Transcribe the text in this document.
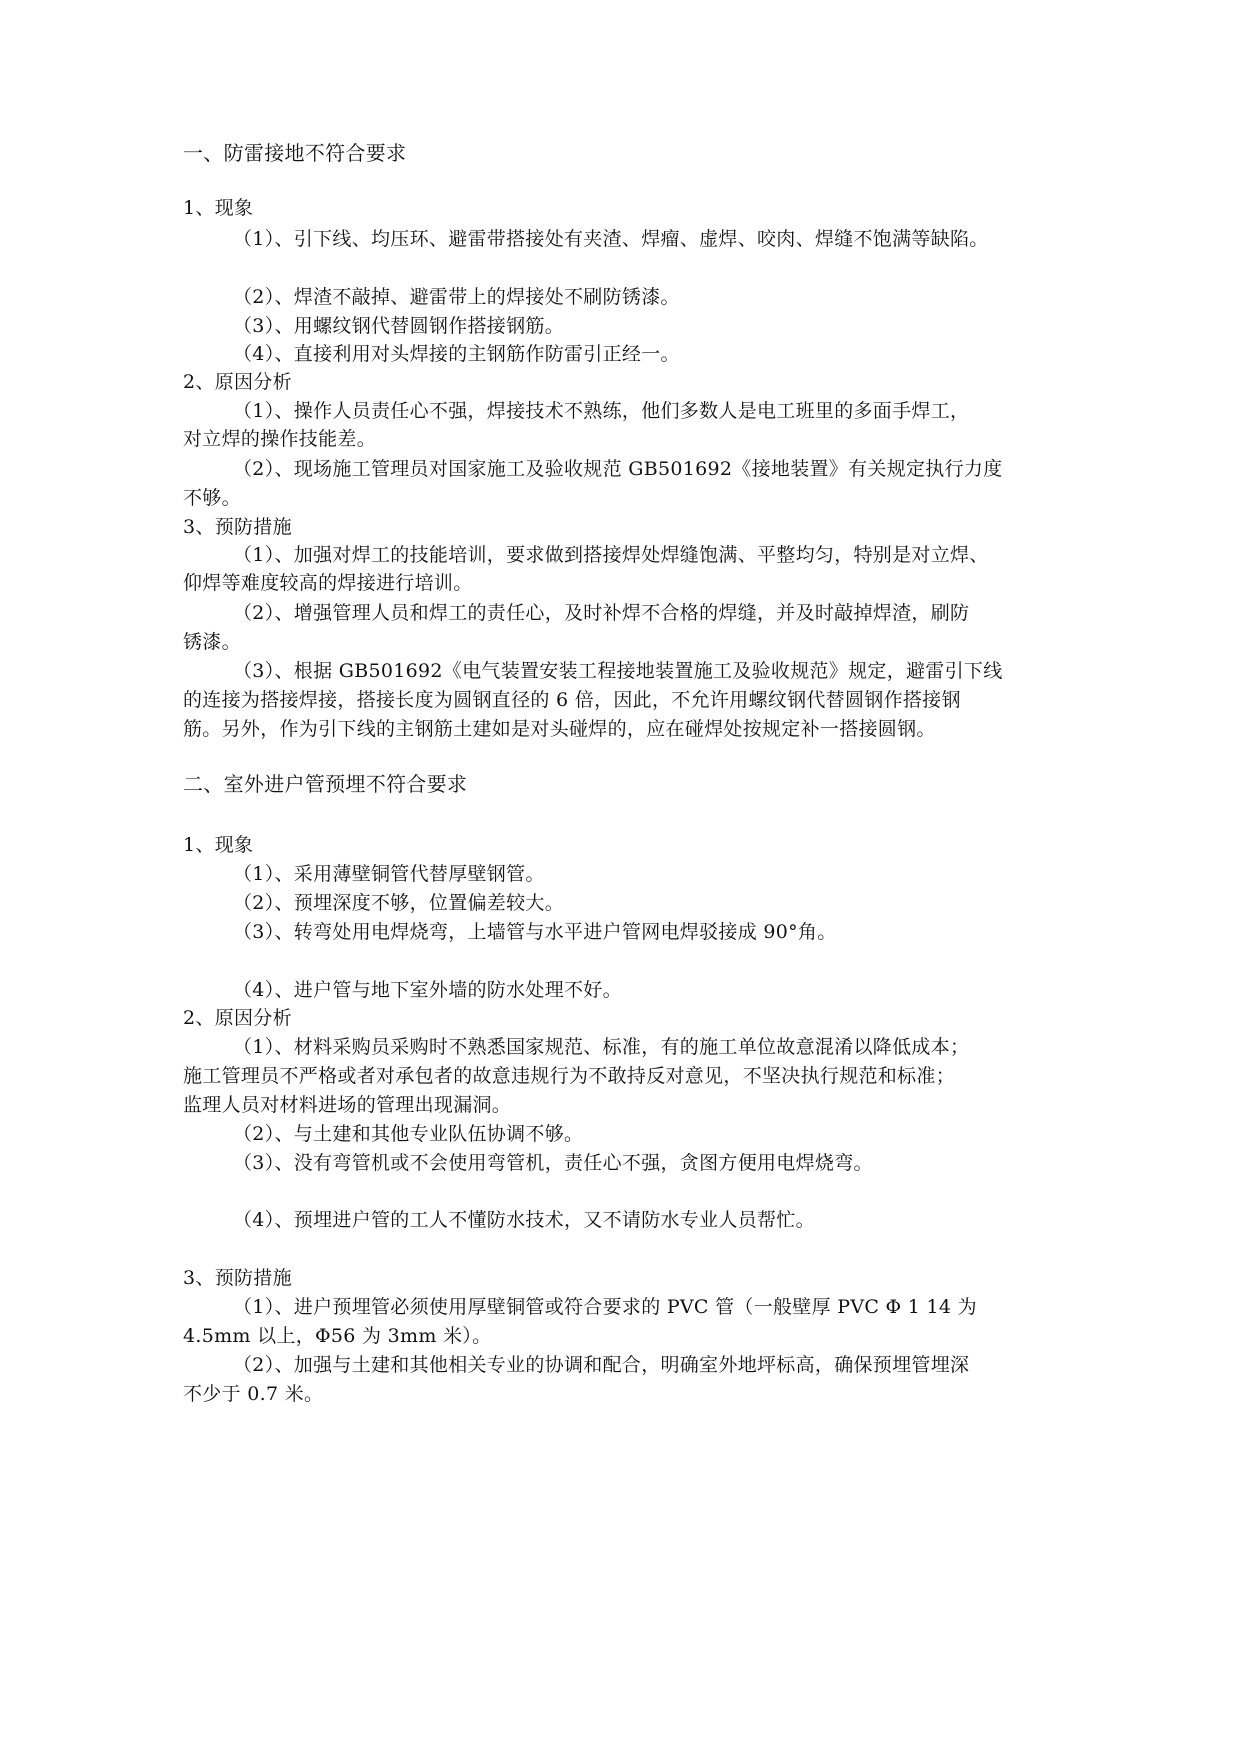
一、防雷接地不符合要求
1、现象
（1）、引下线、均压环、避雷带搭接处有夹渣、焊瘤、虚焊、咬肉、焊缝不饱满等缺陷。
（2）、焊渣不敲掉、避雷带上的焊接处不刷防锈漆。
（3）、用螺纹钢代替圆钢作搭接钢筋。
（4）、直接利用对头焊接的主钢筋作防雷引正经一。
2、原因分析
（1）、操作人员责任心不强，焊接技术不熟练，他们多数人是电工班里的多面手焊工，
对立焊的操作技能差。
（2）、现场施工管理员对国家施工及验收规范 GB501692《接地装置》有关规定执行力度
不够。
3、预防措施
（1）、加强对焊工的技能培训，要求做到搭接焊处焊缝饱满、平整均匀，特别是对立焊、
仰焊等难度较高的焊接进行培训。
（2）、增强管理人员和焊工的责任心，及时补焊不合格的焊缝，并及时敲掉焊渣，刷防
锈漆。
（3）、根据 GB501692《电气装置安装工程接地装置施工及验收规范》规定，避雷引下线
的连接为搭接焊接，搭接长度为圆钢直径的 6 倍，因此，不允许用螺纹钢代替圆钢作搭接钢
筋。另外，作为引下线的主钢筋土建如是对头碰焊的，应在碰焊处按规定补一搭接圆钢。
二、室外进户管预埋不符合要求
1、现象
（1）、采用薄壁铜管代替厚壁钢管。
（2）、预埋深度不够，位置偏差较大。
（3）、转弯处用电焊烧弯，上墙管与水平进户管网电焊驳接成 90°角。
（4）、进户管与地下室外墙的防水处理不好。
2、原因分析
（1）、材料采购员采购时不熟悉国家规范、标准，有的施工单位故意混淆以降低成本；
施工管理员不严格或者对承包者的故意违规行为不敢持反对意见，不坚决执行规范和标准；
监理人员对材料进场的管理出现漏洞。
（2）、与土建和其他专业队伍协调不够。
（3）、没有弯管机或不会使用弯管机，责任心不强，贪图方便用电焊烧弯。
（4）、预埋进户管的工人不懂防水技术，又不请防水专业人员帮忙。
3、预防措施
（1）、进户预埋管必须使用厚壁铜管或符合要求的 PVC 管（一般壁厚 PVC Φ 1 14 为
4.5mm 以上，Φ56 为 3mm 米）。
（2）、加强与土建和其他相关专业的协调和配合，明确室外地坪标高，确保预埋管埋深
不少于 0.7 米。
